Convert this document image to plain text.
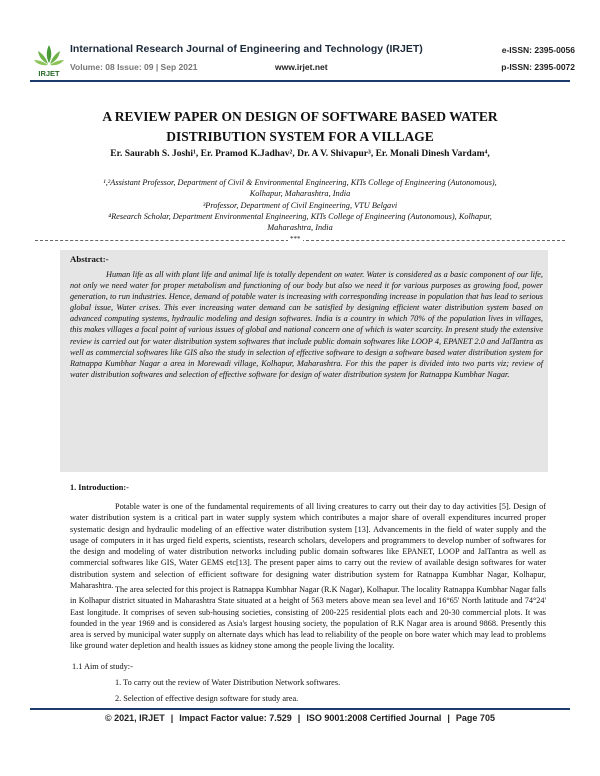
IRJET
International Research Journal of Engineering and Technology (IRJET)
Volume: 08 Issue: 09 | Sep 2021	www.irjet.net
e-ISSN: 2395-0056
p-ISSN: 2395-0072
A REVIEW PAPER ON DESIGN OF SOFTWARE BASED WATER
DISTRIBUTION SYSTEM FOR A VILLAGE
Er. Saurabh S. Joshi¹, Er. Pramod K.Jadhav², Dr. A V. Shivapur³, Er. Monali Dinesh Vardam⁴,
¹,²Assistant Professor, Department of Civil & Environmental Engineering, KITs College of Engineering (Autonomous),
Kolhapur, Maharashtra, India
³Professor, Department of Civil Engineering, VTU Belgavi
⁴Research Scholar, Department Environmental Engineering, KITs College of Engineering (Autonomous), Kolhapur,
Maharashtra, India
***
Abstract:-
Human life as all with plant life and animal life is totally dependent on water. Water is considered as a basic component of our life, not only we need water for proper metabolism and functioning of our body but also we need it for various purposes as growing food, power generation, to run industries. Hence, demand of potable water is increasing with corresponding increase in population that has lead to serious global issue, Water crises. This ever increasing water demand can be satisfied by designing efficient water distribution system based on advanced computing systems, hydraulic modeling and design softwares. India is a country in which 70% of the population lives in villages, this makes villages a focal point of various issues of global and national concern one of which is water scarcity. In present study the extensive review is carried out for water distribution system softwares that include public domain softwares like LOOP 4, EPANET 2.0 and JalTantra as well as commercial softwares like GIS also the study in selection of effective software to design a software based water distribution system for Ratnappa Kumbhar Nagar a area in Morewadi village, Kolhapur, Maharashtra. For this the paper is divided into two parts viz; review of water distribution softwares and selection of effective software for design of water distribution system for Ratnappa Kumbhar Nagar.
1. Introduction:-
Potable water is one of the fundamental requirements of all living creatures to carry out their day to day activities [5]. Design of water distribution system is a critical part in water supply system which contributes a major share of overall expenditures incurred proper systematic design and hydraulic modeling of an effective water distribution system [13]. Advancements in the field of water supply and the usage of computers in it has urged field experts, scientists, research scholars, developers and programmers to develop number of softwares for the design and modeling of water distribution networks including public domain softwares like EPANET, LOOP and JalTantra as well as commercial softwares like GIS, Water GEMS etc[13]. The present paper aims to carry out the review of available design softwares for water distribution system and selection of efficient software for designing water distribution system for Ratnappa Kumbhar Nagar, Kolhapur, Maharashtra. The area selected for this project is Ratnappa Kumbhar Nagar (R.K Nagar), Kolhapur. The locality Ratnappa Kumbhar Nagar falls in Kolhapur district situated in Maharashtra State situated at a height of 563 meters above mean sea level and 16°65' North latitude and 74°24' East longitude. It comprises of seven sub-housing societies, consisting of 200-225 residential plots each and 20-30 commercial plots. It was founded in the year 1969 and is considered as Asia's largest housing society, the population of R.K Nagar area is around 9868. Presently this area is served by municipal water supply on alternate days which has lead to reliability of the people on bore water which may lead to problems like ground water depletion and health issues as kidney stone among the people living the locality.
1.1 Aim of study:-
1. To carry out the review of Water Distribution Network softwares.
2. Selection of effective design software for study area.
© 2021, IRJET | Impact Factor value: 7.529 | ISO 9001:2008 Certified Journal | Page 705
